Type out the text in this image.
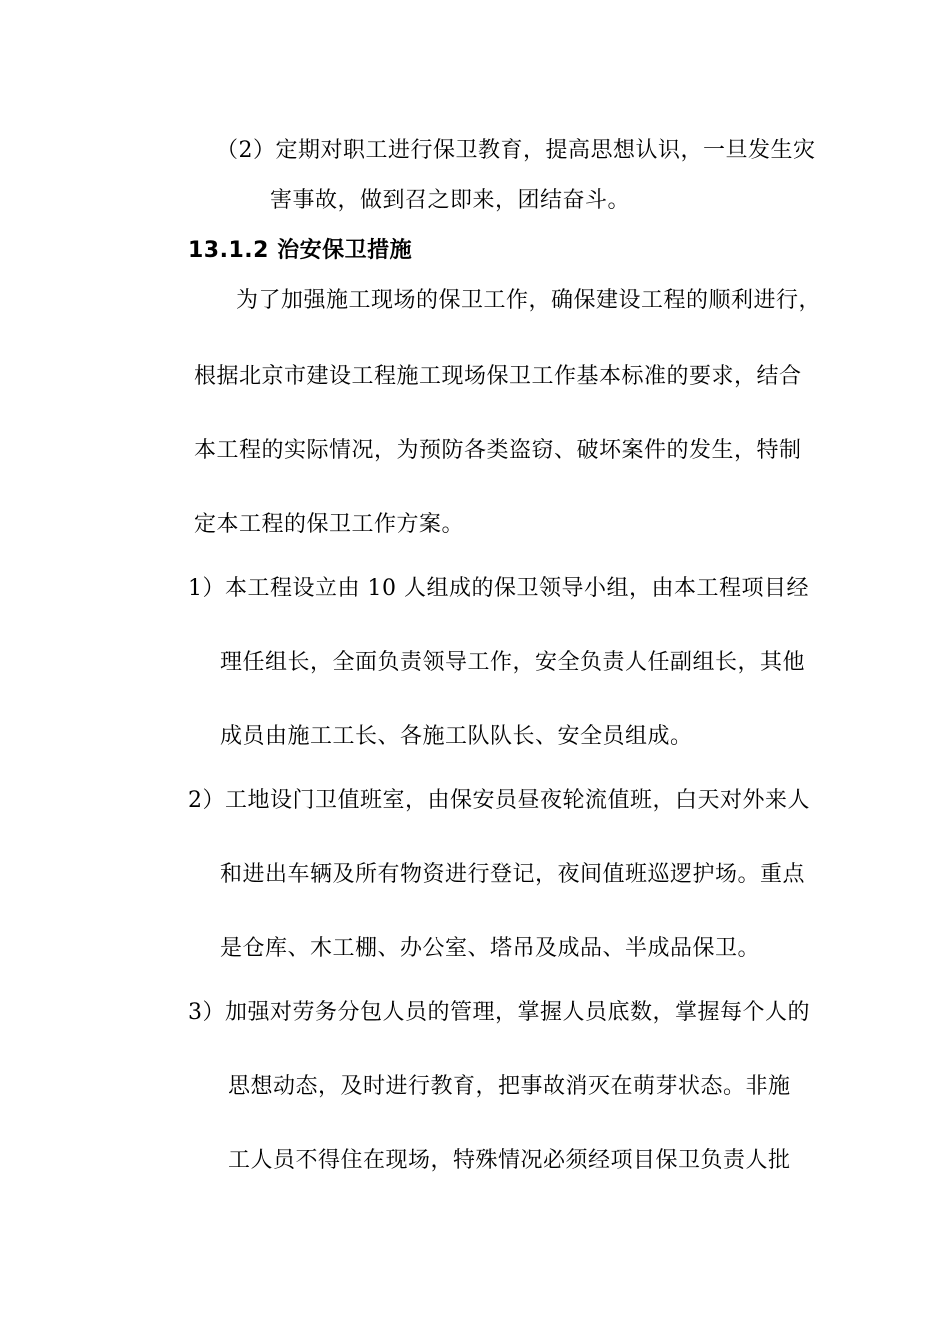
（2）定期对职工进行保卫教育，提高思想认识，一旦发生灾
害事故，做到召之即来，团结奋斗。
13.1.2 治安保卫措施
为了加强施工现场的保卫工作，确保建设工程的顺利进行，
根据北京市建设工程施工现场保卫工作基本标准的要求，结合
本工程的实际情况，为预防各类盗窃、破坏案件的发生，特制
定本工程的保卫工作方案。
1）本工程设立由 10 人组成的保卫领导小组，由本工程项目经
理任组长，全面负责领导工作，安全负责人任副组长，其他
成员由施工工长、各施工队队长、安全员组成。
2）工地设门卫值班室，由保安员昼夜轮流值班，白天对外来人
和进出车辆及所有物资进行登记，夜间值班巡逻护场。重点
是仓库、木工棚、办公室、塔吊及成品、半成品保卫。
3）加强对劳务分包人员的管理，掌握人员底数，掌握每个人的
思想动态，及时进行教育，把事故消灭在萌芽状态。非施
工人员不得住在现场，特殊情况必须经项目保卫负责人批
